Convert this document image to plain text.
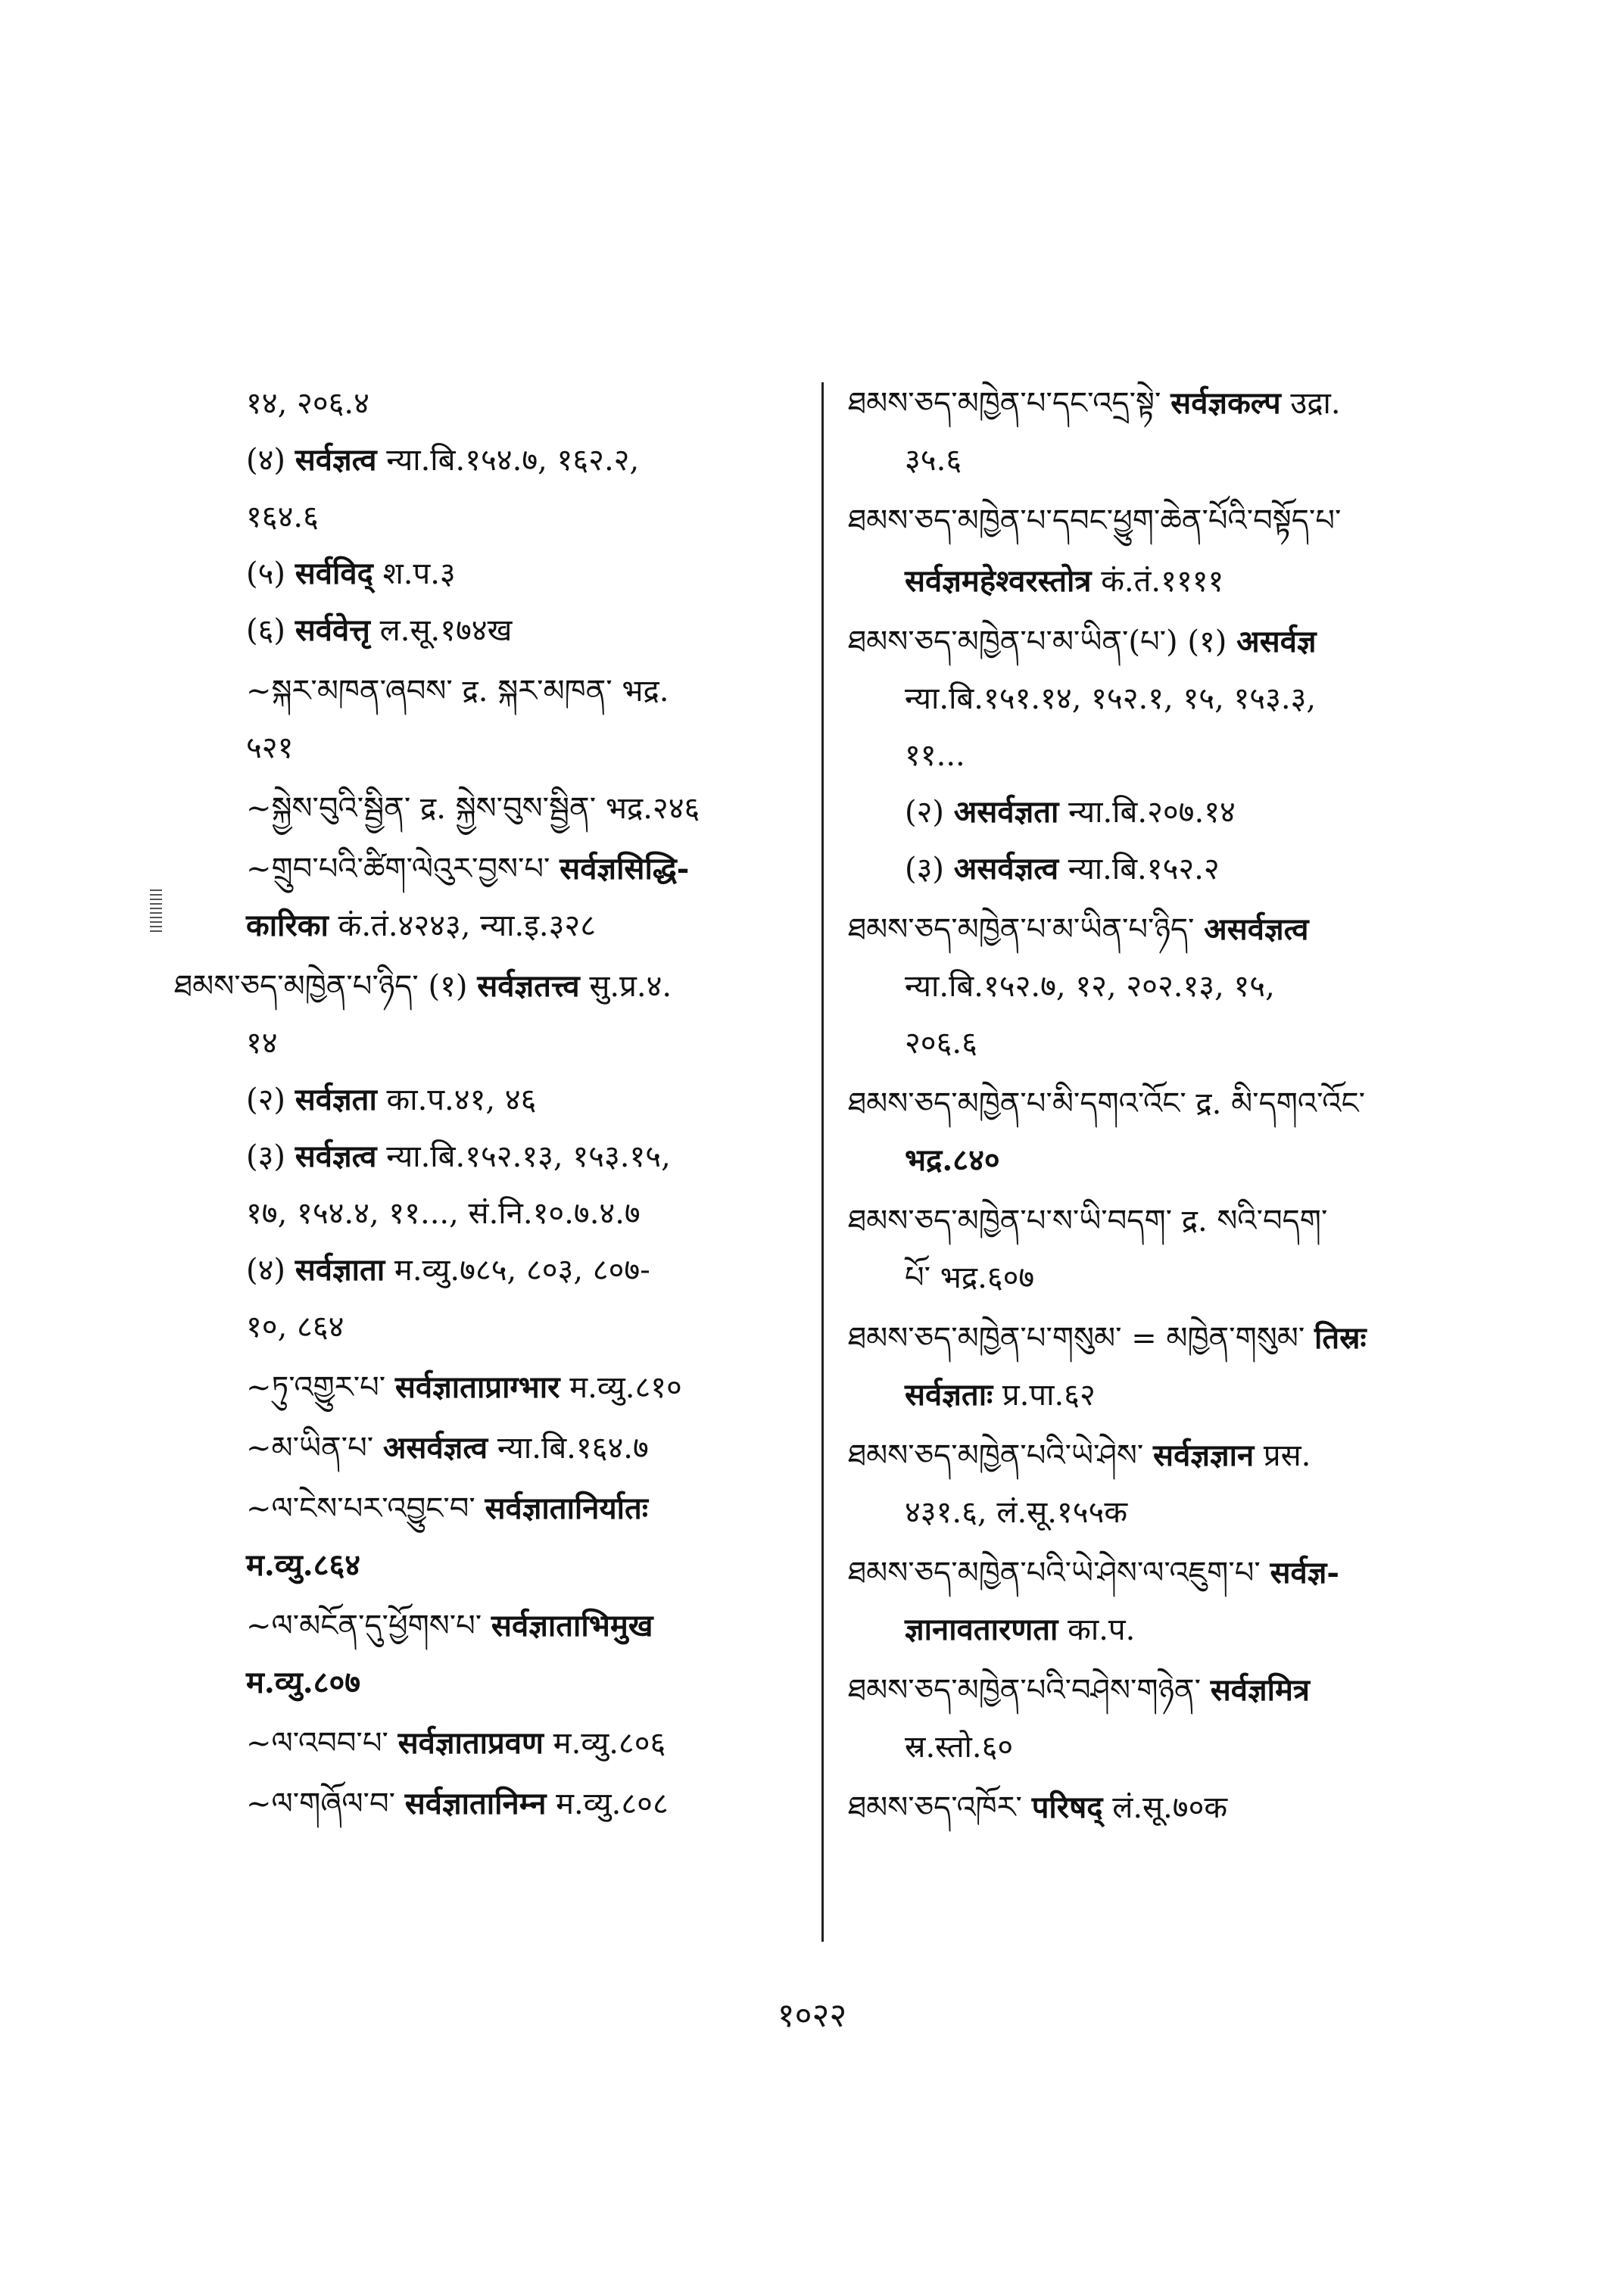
१४, २०६.४
(४) सर्वज्ञत्व न्या.बि.१५४.७, १६२.२,
१६४.६
(५) सर्वविद् श.प.३
(६) सर्ववेत्तृ ल.सू.१७४ख
~སྐར་མཁན་ཞབས་ द्र. སྐར་མཁན་ भद्र.
५२१
~སྐྱེས་བུའི་སྦྱིན་ द्र. སྐྱེས་བུས་སྦྱིན་ भद्र.२४६
~གྲུབ་པའི་ཚིག་ལེའུར་བྱས་པ་ सर्वज्ञसिद्धि-
कारिका कं.तं.४२४३, न्या.इ.३२८
ཐམས་ཅད་མཁྱེན་པ་ཉིད་ (१) सर्वज्ञतत्त्व सु.प्र.४.
१४
(२) सर्वज्ञता का.प.४१, ४६
(३) सर्वज्ञत्व न्या.बि.१५२.१३, १५३.१५,
१७, १५४.४, ११..., सं.नि.१०.७.४.७
(४) सर्वज्ञाता म.व्यु.७८५, ८०३, ८०७-
१०, ८६४
~ཏུ་འགྱུར་པ་ सर्वज्ञाताप्राग्भार म.व्यु.८१०
~མ་ཡིན་པ་ असर्वज्ञत्व न्या.बि.१६४.७
~ལ་ངེས་པར་འབྱུང་བ་ सर्वज्ञातानिर्यातः
म.व्यु.८६४
~ལ་མངོན་དུ་ཕྱོགས་པ་ सर्वज्ञाताभिमुख
म.व्यु.८०७
~ལ་འབབ་པ་ सर्वज्ञाताप्रवण म.व्यु.८०६
~ལ་གཞོལ་བ་ सर्वज्ञातानिम्न म.व्यु.८०८
ཐམས་ཅད་མཁྱེན་པ་དང་འདྲ་སྟེ་ सर्वज्ञकल्प उद्रा.
३५.६
ཐམས་ཅད་མཁྱེན་པ་དབང་ཕྱུག་ཆེན་པོའི་བསྟོད་པ་
सर्वज्ञमहेश्वरस्तोत्र कं.तं.११११
ཐམས་ཅད་མཁྱེན་པ་མ་ཡིན་(པ་) (१) असर्वज्ञ
न्या.बि.१५१.१४, १५२.१, १५, १५३.३,
११...
(२) असर्वज्ञता न्या.बि.२०७.१४
(३) असर्वज्ञत्व न्या.बि.१५२.२
ཐམས་ཅད་མཁྱེན་པ་མ་ཡིན་པ་ཉིད་ असर्वज्ञत्व
न्या.बि.१५२.७, १२, २०२.१३, १५,
२०६.६
ཐམས་ཅད་མཁྱེན་པ་མི་དགའ་འོང་ द्र. མི་དགའ་འོང་
भद्र.८४०
ཐམས་ཅད་མཁྱེན་པ་ས་ཡི་བདག་ द्र. སའི་བདག་
པོ་ भद्र.६०७
ཐམས་ཅད་མཁྱེན་པ་གསུམ་ = མཁྱེན་གསུམ་ तिस्रः
सर्वज्ञताः प्र.पा.६२
ཐམས་ཅད་མཁྱེན་པའི་ཡེ་ཤེས་ सर्वज्ञज्ञान प्रस.
४३१.६, लं.सू.१५५क
ཐམས་ཅད་མཁྱེན་པའི་ཡེ་ཤེས་ལ་འཇུག་པ་ सर्वज्ञ-
ज्ञानावतारणता का.प.
ཐམས་ཅད་མཁྱེན་པའི་བཤེས་གཉེན་ सर्वज्ञमित्र
स्र.स्तो.६०
ཐམས་ཅད་འཁོར་ परिषद् लं.सू.७०क
१०२२
